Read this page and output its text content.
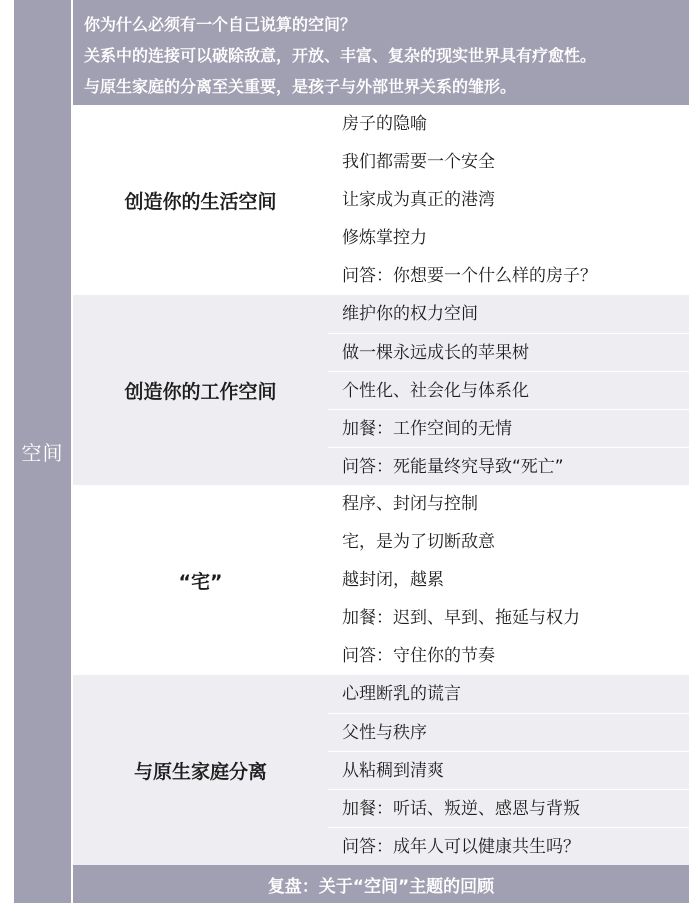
空间
你为什么必须有一个自己说算的空间？
关系中的连接可以破除敌意，开放、丰富、复杂的现实世界具有疗愈性。
与原生家庭的分离至关重要，是孩子与外部世界关系的雏形。
创造你的生活空间
房子的隐喻
我们都需要一个安全
让家成为真正的港湾
修炼掌控力
问答：你想要一个什么样的房子？
创造你的工作空间
维护你的权力空间
做一棵永远成长的苹果树
个性化、社会化与体系化
加餐：工作空间的无情
问答：死能量终究导致“死亡”
“宅”
程序、封闭与控制
宅，是为了切断敌意
越封闭，越累
加餐：迟到、早到、拖延与权力
问答：守住你的节奏
与原生家庭分离
心理断乳的谎言
父性与秩序
从粘稠到清爽
加餐：听话、叛逆、感恩与背叛
问答：成年人可以健康共生吗？
复盘：关于“空间”主题的回顾
